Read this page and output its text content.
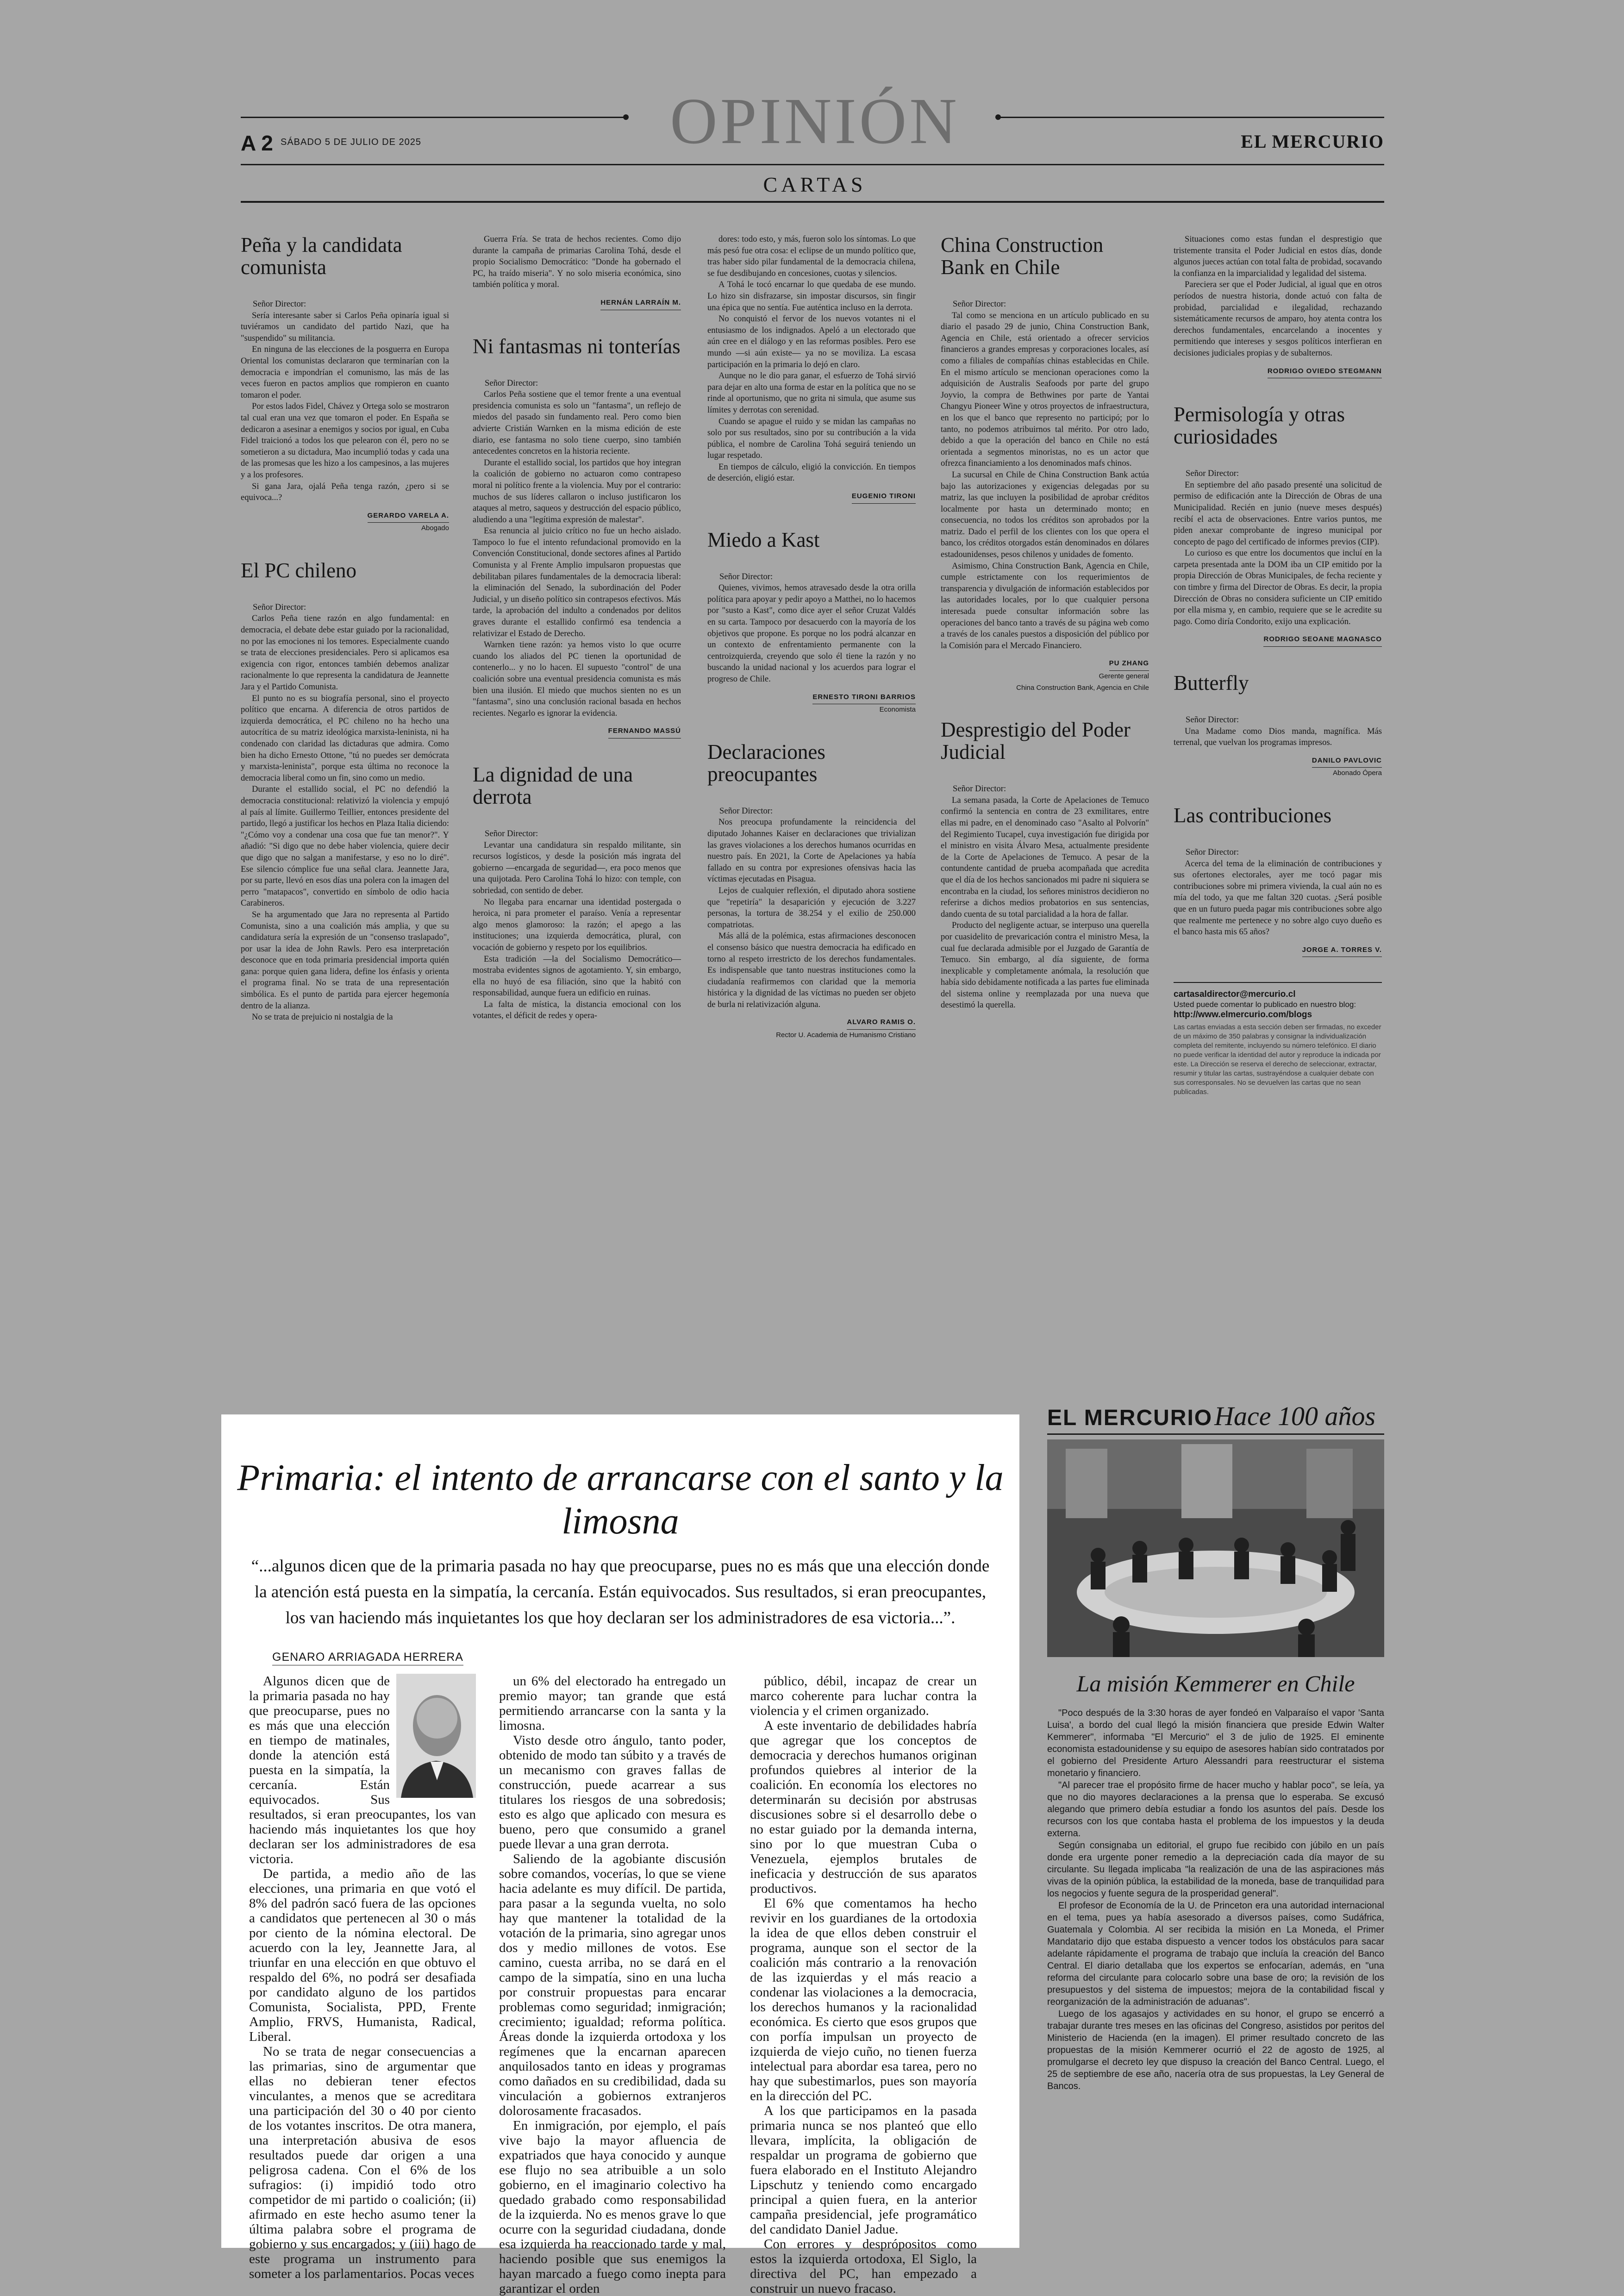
A 2 SÁBADO 5 DE JULIO DE 2025	OPINIÓN	EL MERCURIO
CARTAS
Peña y la candidata comunista

Señor Director:

Sería interesante saber si Carlos Peña opinaría igual si tuviéramos un candidato del partido Nazi, que ha "suspendido" su militancia.

En ninguna de las elecciones de la posguerra en Europa Oriental los comunistas declararon que terminarían con la democracia e impondrían el comunismo, las más de las veces fueron en pactos amplios que rompieron en cuanto tomaron el poder.

Por estos lados Fidel, Chávez y Ortega solo se mostraron tal cual eran una vez que tomaron el poder. En España se dedicaron a asesinar a enemigos y socios por igual, en Cuba Fidel traicionó a todos los que pelearon con él, pero no se sometieron a su dictadura, Mao incumplió todas y cada una de las promesas que les hizo a los campesinos, a las mujeres y a los profesores.

Si gana Jara, ojalá Peña tenga razón, ¿pero si se equivoca...?

GERARDO VARELA A.
Abogado
El PC chileno

Señor Director:

Carlos Peña tiene razón en algo fundamental: en democracia, el debate debe estar guiado por la racionalidad, no por las emociones ni los temores. Especialmente cuando se trata de elecciones presidenciales. Pero si aplicamos esa exigencia con rigor, entonces también debemos analizar racionalmente lo que representa la candidatura de Jeannette Jara y el Partido Comunista.

El punto no es su biografía personal, sino el proyecto político que encarna. A diferencia de otros partidos de izquierda democrática, el PC chileno no ha hecho una autocrítica de su matriz ideológica marxista-leninista, ni ha condenado con claridad las dictaduras que admira. Como bien ha dicho Ernesto Ottone, "tú no puedes ser demócrata y marxista-leninista", porque esta última no reconoce la democracia liberal como un fin, sino como un medio.

Durante el estallido social, el PC no defendió la democracia constitucional: relativizó la violencia y empujó al país al límite. Guillermo Teillier, entonces presidente del partido, llegó a justificar los hechos en Plaza Italia diciendo: "¿Cómo voy a condenar una cosa que fue tan menor?". Y añadió: "Si digo que no debe haber violencia, quiere decir que digo que no salgan a manifestarse, y eso no lo diré". Ese silencio cómplice fue una señal clara. Jeannette Jara, por su parte, llevó en esos días una polera con la imagen del perro "matapacos", convertido en símbolo de odio hacia Carabineros.

Se ha argumentado que Jara no representa al Partido Comunista, sino a una coalición más amplia, y que su candidatura sería la expresión de un "consenso traslapado", por usar la idea de John Rawls. Pero esa interpretación desconoce que en toda primaria presidencial importa quién gana: porque quien gana lidera, define los énfasis y orienta el programa final. No se trata de una representación simbólica. Es el punto de partida para ejercer hegemonía dentro de la alianza.

No se trata de prejuicio ni nostalgia de la

Guerra Fría. Se trata de hechos recientes. Como dijo durante la campaña de primarias Carolina Tohá, desde el propio Socialismo Democrático: "Donde ha gobernado el PC, ha traído miseria". Y no solo miseria económica, sino también política y moral.

HERNÁN LARRAÍN M.
Ni fantasmas ni tonterías

Señor Director:

Carlos Peña sostiene que el temor frente a una eventual presidencia comunista es solo un "fantasma", un reflejo de miedos del pasado sin fundamento real. Pero como bien advierte Cristián Warnken en la misma edición de este diario, ese fantasma no solo tiene cuerpo, sino también antecedentes concretos en la historia reciente.

Durante el estallido social, los partidos que hoy integran la coalición de gobierno no actuaron como contrapeso moral ni político frente a la violencia. Muy por el contrario: muchos de sus líderes callaron o incluso justificaron los ataques al metro, saqueos y destrucción del espacio público, aludiendo a una "legítima expresión de malestar".

Esa renuncia al juicio crítico no fue un hecho aislado. Tampoco lo fue el intento refundacional promovido en la Convención Constitucional, donde sectores afines al Partido Comunista y al Frente Amplio impulsaron propuestas que debilitaban pilares fundamentales de la democracia liberal: la eliminación del Senado, la subordinación del Poder Judicial, y un diseño político sin contrapesos efectivos. Más tarde, la aprobación del indulto a condenados por delitos graves durante el estallido confirmó esa tendencia a relativizar el Estado de Derecho.

Warnken tiene razón: ya hemos visto lo que ocurre cuando los aliados del PC tienen la oportunidad de contenerlo... y no lo hacen. El supuesto "control" de una coalición sobre una eventual presidencia comunista es más bien una ilusión. El miedo que muchos sienten no es un "fantasma", sino una conclusión racional basada en hechos recientes. Negarlo es ignorar la evidencia.

FERNANDO MASSÚ
La dignidad de una derrota

Señor Director:

Levantar una candidatura sin respaldo militante, sin recursos logísticos, y desde la posición más ingrata del gobierno —encargada de seguridad—, era poco menos que una quijotada. Pero Carolina Tohá lo hizo: con temple, con sobriedad, con sentido de deber.

No llegaba para encarnar una identidad postergada o heroica, ni para prometer el paraíso. Venía a representar algo menos glamoroso: la razón; el apego a las instituciones; una izquierda democrática, plural, con vocación de gobierno y respeto por los equilibrios.

Esta tradición —la del Socialismo Democrático— mostraba evidentes signos de agotamiento. Y, sin embargo, ella no huyó de esa filiación, sino que la habitó con responsabilidad, aunque fuera un edificio en ruinas.

La falta de mística, la distancia emocional con los votantes, el déficit de redes y opera-

dores: todo esto, y más, fueron solo los síntomas. Lo que más pesó fue otra cosa: el eclipse de un mundo político que, tras haber sido pilar fundamental de la democracia chilena, se fue desdibujando en concesiones, cuotas y silencios.

A Tohá le tocó encarnar lo que quedaba de ese mundo. Lo hizo sin disfrazarse, sin impostar discursos, sin fingir una épica que no sentía. Fue auténtica incluso en la derrota.

No conquistó el fervor de los nuevos votantes ni el entusiasmo de los indignados. Apeló a un electorado que aún cree en el diálogo y en las reformas posibles. Pero ese mundo —si aún existe— ya no se moviliza. La escasa participación en la primaria lo dejó en claro.

Aunque no le dio para ganar, el esfuerzo de Tohá sirvió para dejar en alto una forma de estar en la política que no se rinde al oportunismo, que no grita ni simula, que asume sus límites y derrotas con serenidad.

Cuando se apague el ruido y se midan las campañas no solo por sus resultados, sino por su contribución a la vida pública, el nombre de Carolina Tohá seguirá teniendo un lugar respetado.

En tiempos de cálculo, eligió la convicción. En tiempos de deserción, eligió estar.

EUGENIO TIRONI
Miedo a Kast

Señor Director:

Quienes, vivimos, hemos atravesado desde la otra orilla política para apoyar y pedir apoyo a Matthei, no lo hacemos por "susto a Kast", como dice ayer el señor Cruzat Valdés en su carta. Tampoco por desacuerdo con la mayoría de los objetivos que propone. Es porque no los podrá alcanzar en un contexto de enfrentamiento permanente con la centroizquierda, creyendo que solo él tiene la razón y no buscando la unidad nacional y los acuerdos para lograr el progreso de Chile.

ERNESTO TIRONI BARRIOS
Economista
Declaraciones preocupantes

Señor Director:

Nos preocupa profundamente la reincidencia del diputado Johannes Kaiser en declaraciones que trivializan las graves violaciones a los derechos humanos ocurridas en nuestro país. En 2021, la Corte de Apelaciones ya había fallado en su contra por expresiones ofensivas hacia las víctimas ejecutadas en Pisagua.

Lejos de cualquier reflexión, el diputado ahora sostiene que "repetiría" la desaparición y ejecución de 3.227 personas, la tortura de 38.254 y el exilio de 250.000 compatriotas.

Más allá de la polémica, estas afirmaciones desconocen el consenso básico que nuestra democracia ha edificado en torno al respeto irrestricto de los derechos fundamentales. Es indispensable que tanto nuestras instituciones como la ciudadanía reafirmemos con claridad que la memoria histórica y la dignidad de las víctimas no pueden ser objeto de burla ni relativización alguna.

ALVARO RAMIS O.
Rector U. Academia de Humanismo Cristiano
China Construction Bank en Chile

Señor Director:

Tal como se menciona en un artículo publicado en su diario el pasado 29 de junio, China Construction Bank, Agencia en Chile, está orientado a ofrecer servicios financieros a grandes empresas y corporaciones locales, así como a filiales de compañías chinas establecidas en Chile. En el mismo artículo se mencionan operaciones como la adquisición de Australis Seafoods por parte del grupo Joyvio, la compra de Bethwines por parte de Yantai Changyu Pioneer Wine y otros proyectos de infraestructura, en los que el banco que represento no participó; por lo tanto, no podemos atribuirnos tal mérito. Por otro lado, debido a que la operación del banco en Chile no está orientada a segmentos minoristas, no es un actor que ofrezca financiamiento a los denominados mafs chinos.

La sucursal en Chile de China Construction Bank actúa bajo las autorizaciones y exigencias delegadas por su matriz, las que incluyen la posibilidad de aprobar créditos localmente por hasta un determinado monto; en consecuencia, no todos los créditos son aprobados por la matriz. Dado el perfil de los clientes con los que opera el banco, los créditos otorgados están denominados en dólares estadounidenses, pesos chilenos y unidades de fomento.

Asimismo, China Construction Bank, Agencia en Chile, cumple estrictamente con los requerimientos de transparencia y divulgación de información establecidos por las autoridades locales, por lo que cualquier persona interesada puede consultar información sobre las operaciones del banco tanto a través de su página web como a través de los canales puestos a disposición del público por la Comisión para el Mercado Financiero.

PU ZHANG
Gerente general
China Construction Bank, Agencia en Chile
Desprestigio del Poder Judicial

Señor Director:

La semana pasada, la Corte de Apelaciones de Temuco confirmó la sentencia en contra de 23 exmilitares, entre ellas mi padre, en el denominado caso "Asalto al Polvorín" del Regimiento Tucapel, cuya investigación fue dirigida por el ministro en visita Álvaro Mesa, actualmente presidente de la Corte de Apelaciones de Temuco. A pesar de la contundente cantidad de prueba acompañada que acredita que el día de los hechos sancionados mi padre ni siquiera se encontraba en la ciudad, los señores ministros decidieron no referirse a dichos medios probatorios en sus sentencias, dando cuenta de su total parcialidad a la hora de fallar.

Producto del negligente actuar, se interpuso una querella por cuasidelito de prevaricación contra el ministro Mesa, la cual fue declarada admisible por el Juzgado de Garantía de Temuco. Sin embargo, al día siguiente, de forma inexplicable y completamente anómala, la resolución que había sido debidamente notificada a las partes fue eliminada del sistema online y reemplazada por una nueva que desestimó la querella.

Situaciones como estas fundan el desprestigio que tristemente transita el Poder Judicial en estos días, donde algunos jueces actúan con total falta de probidad, socavando la confianza en la imparcialidad y legalidad del sistema.

Pareciera ser que el Poder Judicial, al igual que en otros períodos de nuestra historia, donde actuó con falta de probidad, parcialidad e ilegalidad, rechazando sistemáticamente recursos de amparo, hoy atenta contra los derechos fundamentales, encarcelando a inocentes y permitiendo que intereses y sesgos políticos interfieran en decisiones judiciales propias y de subalternos.

RODRIGO OVIEDO STEGMANN
Permisología y otras curiosidades

Señor Director:

En septiembre del año pasado presenté una solicitud de permiso de edificación ante la Dirección de Obras de una Municipalidad. Recién en junio (nueve meses después) recibí el acta de observaciones. Entre varios puntos, me piden anexar comprobante de ingreso municipal por concepto de pago del certificado de informes previos (CIP).

Lo curioso es que entre los documentos que incluí en la carpeta presentada ante la DOM iba un CIP emitido por la propia Dirección de Obras Municipales, de fecha reciente y con timbre y firma del Director de Obras. Es decir, la propia Dirección de Obras no considera suficiente un CIP emitido por ella misma y, en cambio, requiere que se le acredite su pago. Como diría Condorito, exijo una explicación.

RODRIGO SEOANE MAGNASCO
Butterfly

Señor Director:

Una Madame como Dios manda, magnífica. Más terrenal, que vuelvan los programas impresos.

DANILO PAVLOVIC
Abonado Ópera
Las contribuciones

Señor Director:

Acerca del tema de la eliminación de contribuciones y sus ofertones electorales, ayer me tocó pagar mis contribuciones sobre mi primera vivienda, la cual aún no es mía del todo, ya que me faltan 320 cuotas. ¿Será posible que en un futuro pueda pagar mis contribuciones sobre algo que realmente me pertenece y no sobre algo cuyo dueño es el banco hasta mis 65 años?

JORGE A. TORRES V.
cartasaldirector@mercurio.cl
Usted puede comentar lo publicado en nuestro blog:
http://www.elmercurio.com/blogs
Las cartas enviadas a esta sección deben ser firmadas, no exceder de un máximo de 350 palabras y consignar la individualización completa del remitente, incluyendo su número telefónico. El diario no puede verificar la identidad del autor y reproduce la indicada por este. La Dirección se reserva el derecho de seleccionar, extractar, resumir y titular las cartas, sustrayéndose a cualquier debate con sus corresponsales. No se devuelven las cartas que no sean publicadas.
Primaria: el intento de arrancarse con el santo y la limosna
“...algunos dicen que de la primaria pasada no hay que preocuparse, pues no es más que una elección donde la atención está puesta en la simpatía, la cercanía. Están equivocados. Sus resultados, si eran preocupantes, los van haciendo más inquietantes los que hoy declaran ser los administradores de esa victoria...”.
GENARO ARRIAGADA HERRERA

Algunos dicen que de la primaria pasada no hay que preocuparse, pues no es más que una elección en tiempo de matinales, donde la atención está puesta en la simpatía, la cercanía. Están equivocados. Sus resultados, si eran preocupantes, los van haciendo más inquietantes los que hoy declaran ser los administradores de esa victoria.

De partida, a medio año de las elecciones, una primaria en que votó el 8% del padrón sacó fuera de las opciones a candidatos que pertenecen al 30 o más por ciento de la nómina electoral. De acuerdo con la ley, Jeannette Jara, al triunfar en una elección en que obtuvo el respaldo del 6%, no podrá ser desafiada por candidato alguno de los partidos Comunista, Socialista, PPD, Frente Amplio, FRVS, Humanista, Radical, Liberal.

No se trata de negar consecuencias a las primarias, sino de argumentar que ellas no debieran tener efectos vinculantes, a menos que se acreditara una participación del 30 o 40 por ciento de los votantes inscritos. De otra manera, una interpretación abusiva de esos resultados puede dar origen a una peligrosa cadena. Con el 6% de los sufragios: (i) impidió todo otro competidor de mi partido o coalición; (ii) afirmado en este hecho asumo tener la última palabra sobre el programa de gobierno y sus encargados; y (iii) hago de este programa un instrumento para someter a los parlamentarios. Pocas veces

un 6% del electorado ha entregado un premio mayor; tan grande que está permitiendo arrancarse con la santa y la limosna.

Visto desde otro ángulo, tanto poder, obtenido de modo tan súbito y a través de un mecanismo con graves fallas de construcción, puede acarrear a sus titulares los riesgos de una sobredosis; esto es algo que aplicado con mesura es bueno, pero que consumido a granel puede llevar a una gran derrota.

Saliendo de la agobiante discusión sobre comandos, vocerías, lo que se viene hacia adelante es muy difícil. De partida, para pasar a la segunda vuelta, no solo hay que mantener la totalidad de la votación de la primaria, sino agregar unos dos y medio millones de votos. Ese camino, cuesta arriba, no se dará en el campo de la simpatía, sino en una lucha por construir propuestas para encarar problemas como seguridad; inmigración; crecimiento; igualdad; reforma política. Áreas donde la izquierda ortodoxa y los regímenes que la encarnan aparecen anquilosados tanto en ideas y programas como dañados en su credibilidad, dada su vinculación a gobiernos extranjeros dolorosamente fracasados.

En inmigración, por ejemplo, el país vive bajo la mayor afluencia de expatriados que haya conocido y aunque ese flujo no sea atribuible a un solo gobierno, en el imaginario colectivo ha quedado grabado como responsabilidad de la izquierda. No es menos grave lo que ocurre con la seguridad ciudadana, donde esa izquierda ha reaccionado tarde y mal, haciendo posible que sus enemigos la hayan marcado a fuego como inepta para garantizar el orden

público, débil, incapaz de crear un marco coherente para luchar contra la violencia y el crimen organizado.

A este inventario de debilidades habría que agregar que los conceptos de democracia y derechos humanos originan profundos quiebres al interior de la coalición. En economía los electores no determinarán su decisión por abstrusas discusiones sobre si el desarrollo debe o no estar guiado por la demanda interna, sino por lo que muestran Cuba o Venezuela, ejemplos brutales de ineficacia y destrucción de sus aparatos productivos.

El 6% que comentamos ha hecho revivir en los guardianes de la ortodoxia la idea de que ellos deben construir el programa, aunque son el sector de la coalición más contrario a la renovación de las izquierdas y el más reacio a condenar las violaciones a la democracia, los derechos humanos y la racionalidad económica. Es cierto que esos grupos que con porfía impulsan un proyecto de izquierda de viejo cuño, no tienen fuerza intelectual para abordar esa tarea, pero no hay que subestimarlos, pues son mayoría en la dirección del PC.

A los que participamos en la pasada primaria nunca se nos planteó que ello llevara, implícita, la obligación de respaldar un programa de gobierno que fuera elaborado en el Instituto Alejandro Lipschutz y teniendo como encargado principal a quien fuera, en la anterior campaña presidencial, jefe programático del candidato Daniel Jadue.

Con errores y desprópositos como estos la izquierda ortodoxa, El Siglo, la directiva del PC, han empezado a construir un nuevo fracaso.

EL MERCURIO Hace 100 años
La misión Kemmerer en Chile

"Poco después de la 3:30 horas de ayer fondeó en Valparaíso el vapor 'Santa Luisa', a bordo del cual llegó la misión financiera que preside Edwin Walter Kemmerer", informaba "El Mercurio" el 3 de julio de 1925. El eminente economista estadounidense y su equipo de asesores habían sido contratados por el gobierno del Presidente Arturo Alessandri para reestructurar el sistema monetario y financiero.

"Al parecer trae el propósito firme de hacer mucho y hablar poco", se leía, ya que no dio mayores declaraciones a la prensa que lo esperaba. Se excusó alegando que primero debía estudiar a fondo los asuntos del país. Desde los recursos con los que contaba hasta el problema de los impuestos y la deuda externa.

Según consignaba un editorial, el grupo fue recibido con júbilo en un país donde era urgente poner remedio a la depreciación cada día mayor de su circulante. Su llegada implicaba "la realización de una de las aspiraciones más vivas de la opinión pública, la estabilidad de la moneda, base de tranquilidad para los negocios y fuente segura de la prosperidad general".

El profesor de Economía de la U. de Princeton era una autoridad internacional en el tema, pues ya había asesorado a diversos países, como Sudáfrica, Guatemala y Colombia. Al ser recibida la misión en La Moneda, el Primer Mandatario dijo que estaba dispuesto a vencer todos los obstáculos para sacar adelante rápidamente el programa de trabajo que incluía la creación del Banco Central. El diario detallaba que los expertos se enfocarían, además, en "una reforma del circulante para colocarlo sobre una base de oro; la revisión de los presupuestos y del sistema de impuestos; mejora de la contabilidad fiscal y reorganización de la administración de aduanas".

Luego de los agasajos y actividades en su honor, el grupo se encerró a trabajar durante tres meses en las oficinas del Congreso, asistidos por peritos del Ministerio de Hacienda (en la imagen). El primer resultado concreto de las propuestas de la misión Kemmerer ocurrió el 22 de agosto de 1925, al promulgarse el decreto ley que dispuso la creación del Banco Central. Luego, el 25 de septiembre de ese año, nacería otra de sus propuestas, la Ley General de Bancos.
